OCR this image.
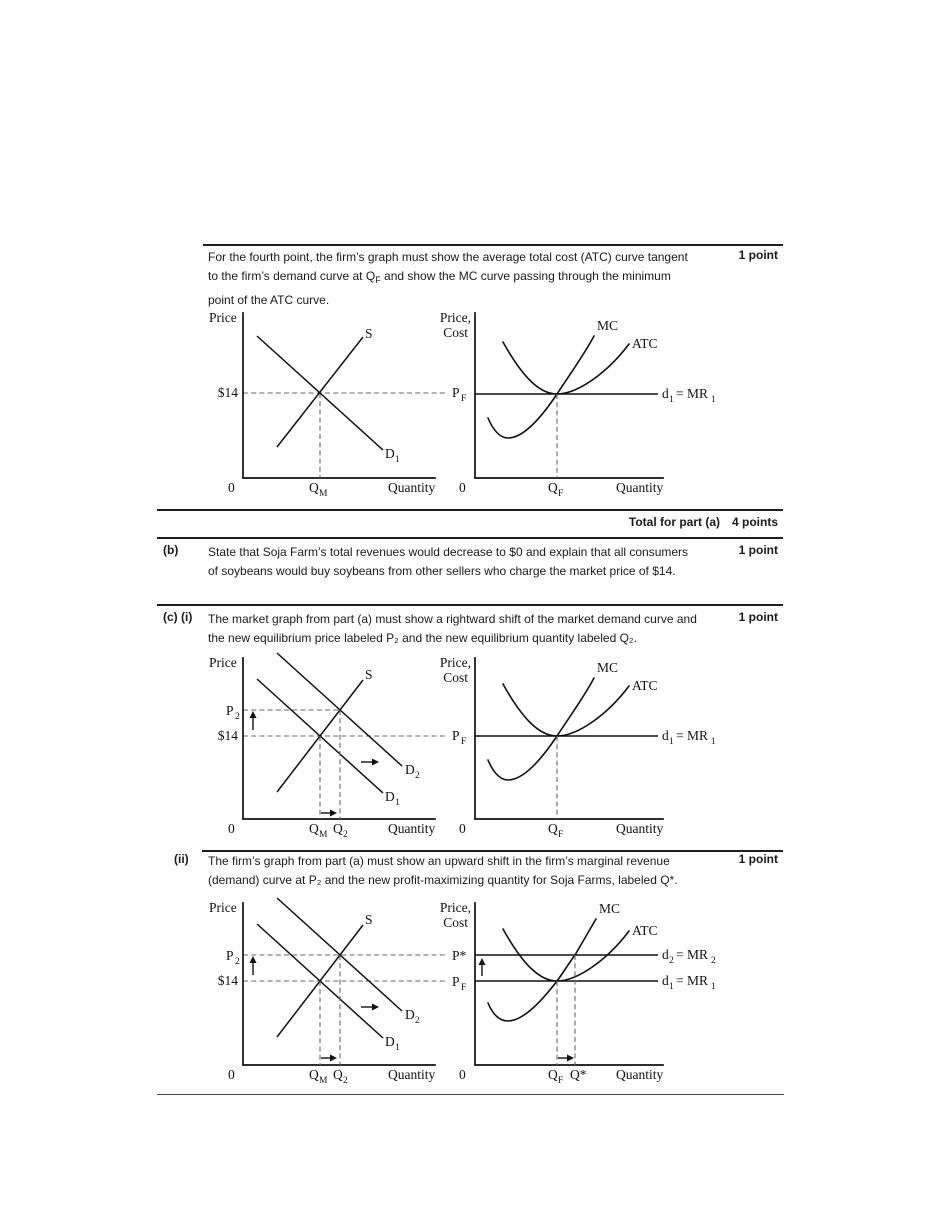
For the fourth point, the firm’s graph must show the average total cost (ATC) curve tangent to the firm’s demand curve at $Q_F$ and show the MC curve passing through the minimum point of the ATC curve.
1 point
Price
$14
S
D 1
0	Q M	Quantity
Price,
Cost
P F	d 1 = MR 1
MC
ATC
0	Q F	Quantity
Total for part (a) 4 points
(b) State that Soja Farm’s total revenues would decrease to $0 and explain that all consumers of soybeans would buy soybeans from other sellers who charge the market price of $14.
1 point
(c) (i) The market graph from part (a) must show a rightward shift of the market demand curve and the new equilibrium price labeled P₂ and the new equilibrium quantity labeled Q₂.
1 point
Price
P 2
$14
S
D 1
D 2
0	Q M Q 2	Quantity
Price,
Cost
P F	d 1 = MR 1
MC
ATC
0	Q F	Quantity
(ii) The firm’s graph from part (a) must show an upward shift in the firm’s marginal revenue (demand) curve at P₂ and the new profit-maximizing quantity for Soja Farms, labeled Q*.
1 point
Price
P 2
$14
S
D 1
D 2
0	Q M Q 2	Quantity
Price,
Cost
P*
P F
d 2 = MR 2
d 1 = MR 1
MC
ATC
0	Q F Q* Quantity
